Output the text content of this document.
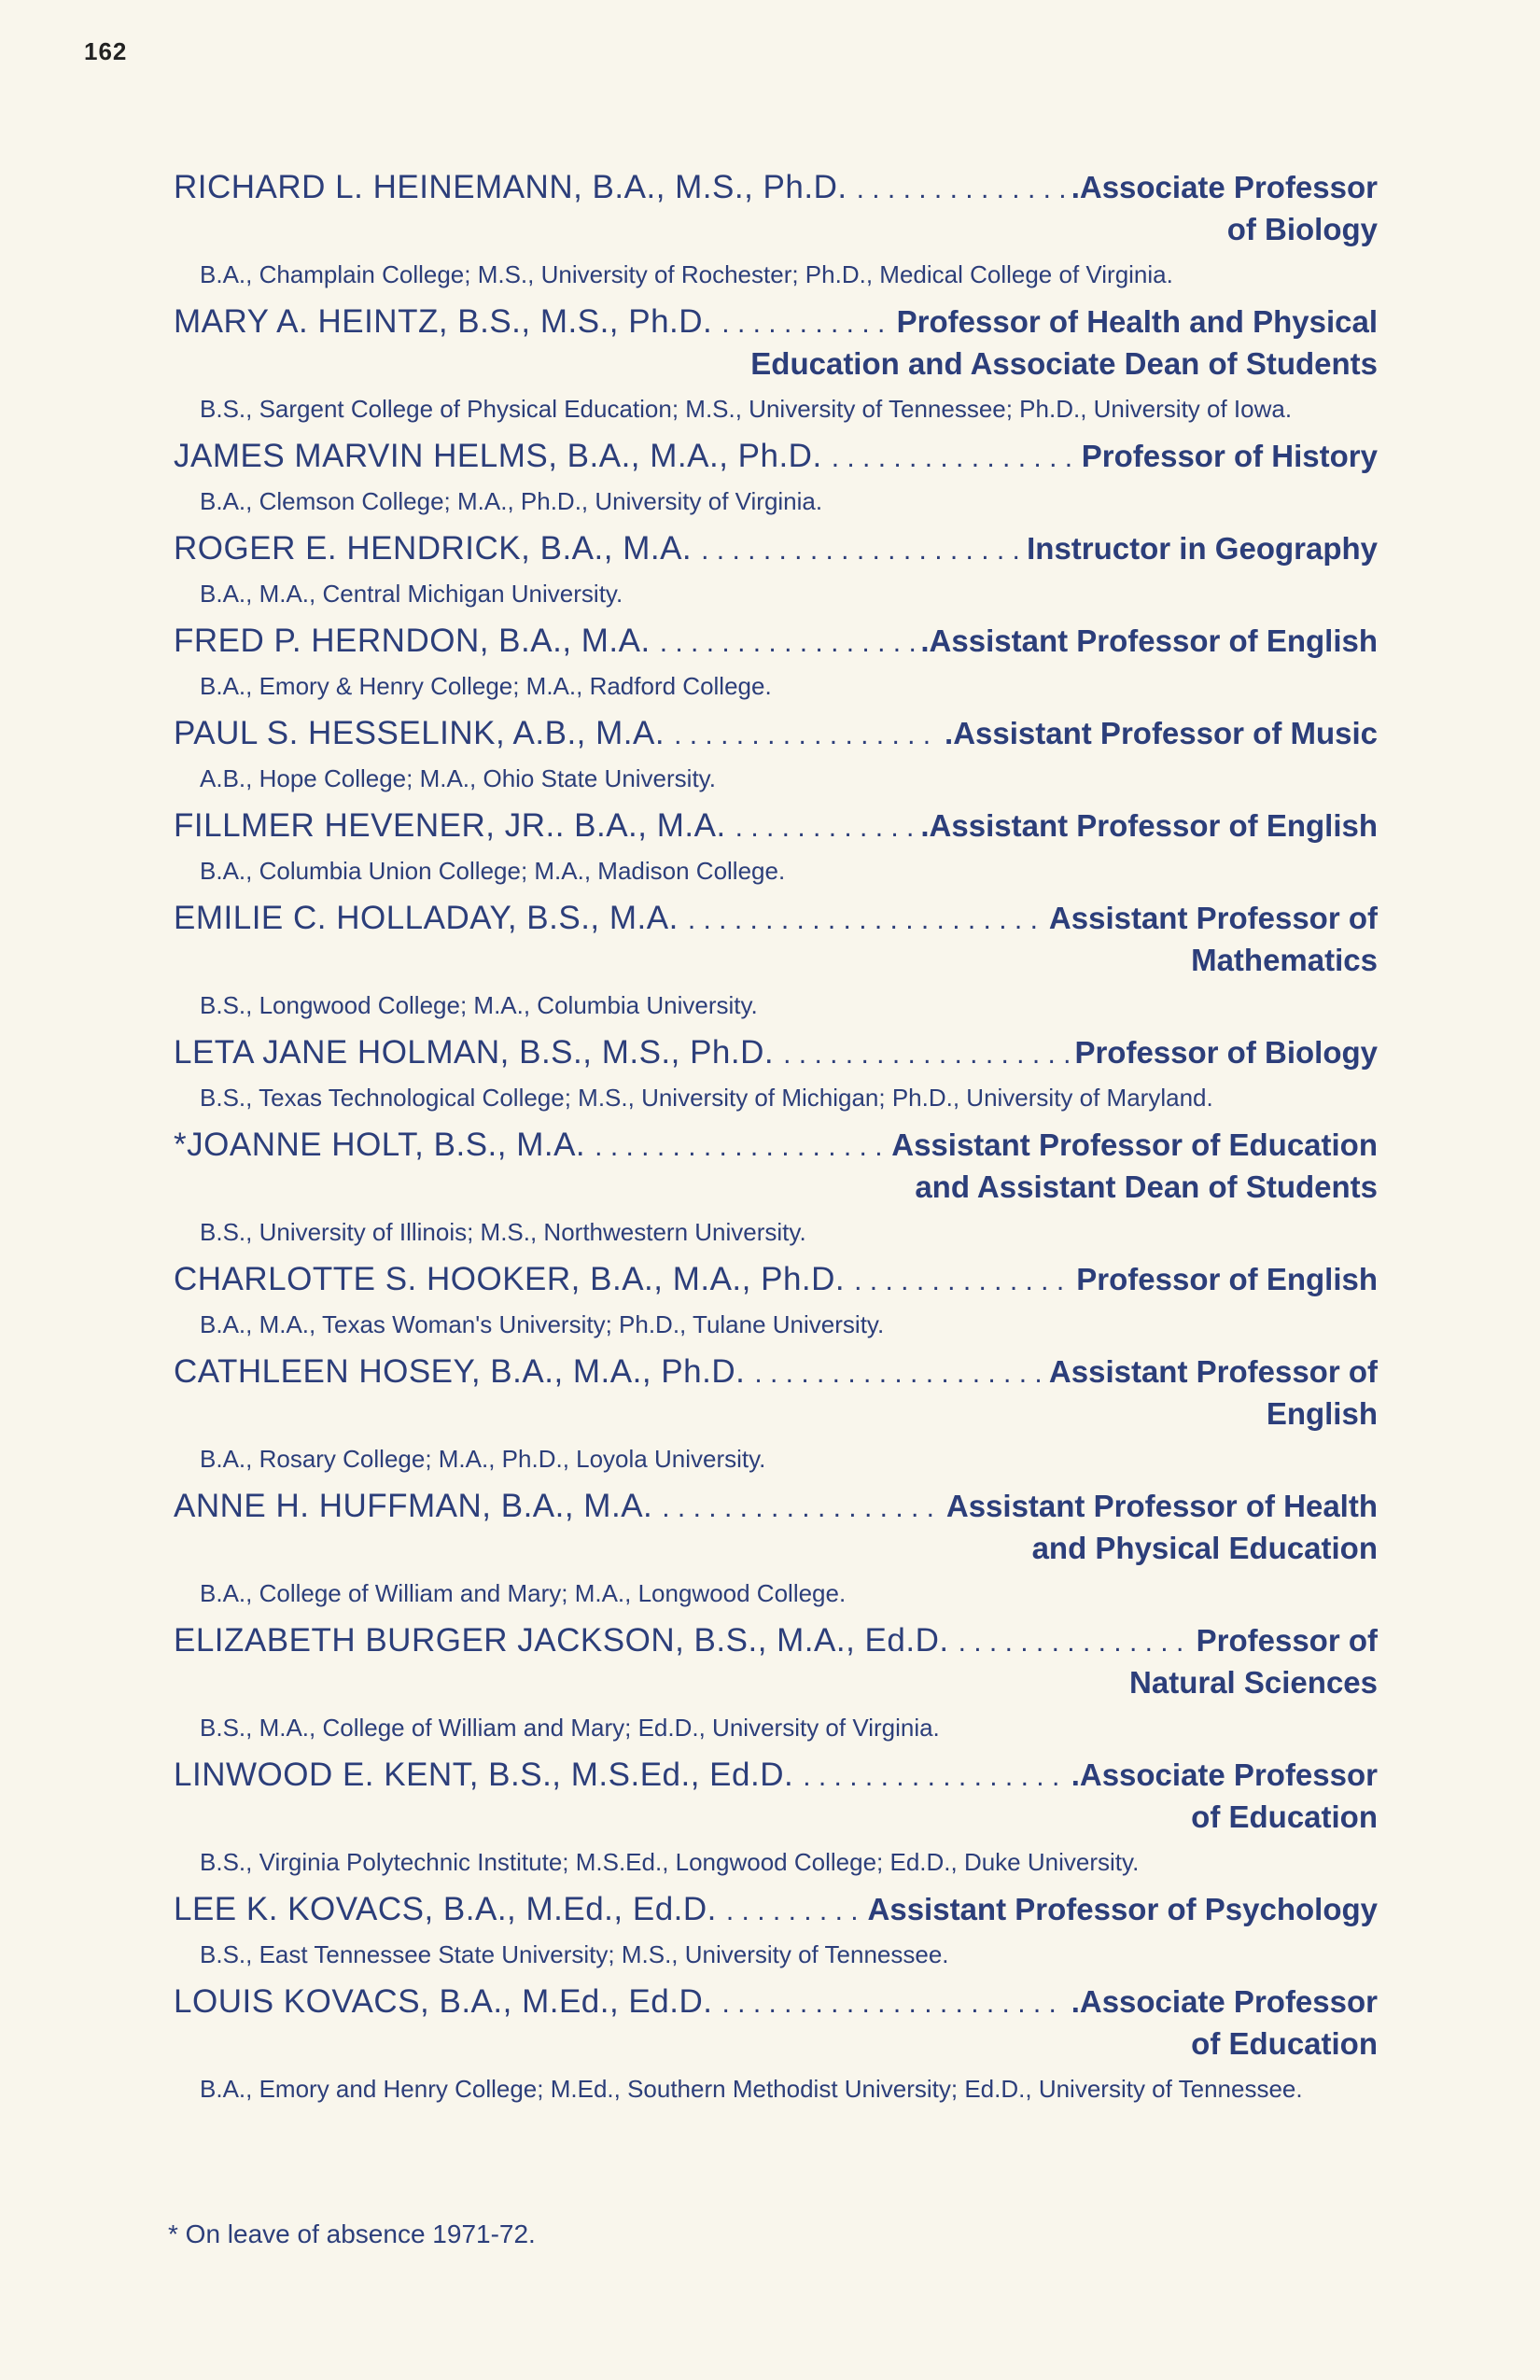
162
RICHARD L. HEINEMANN, B.A., M.S., Ph.D. . . .	.Associate Professor
of Biology
B.A., Champlain College; M.S., University of Rochester; Ph.D., Medical College of Virginia.
MARY A. HEINTZ, B.S., M.S., Ph.D. . . .	Professor of Health and Physical
Education and Associate Dean of Students
B.S., Sargent College of Physical Education; M.S., University of Tennessee; Ph.D., University of Iowa.
JAMES MARVIN HELMS, B.A., M.A., Ph.D. . . .	Professor of History
B.A., Clemson College; M.A., Ph.D., University of Virginia.
ROGER E. HENDRICK, B.A., M.A. . . .	Instructor in Geography
B.A., M.A., Central Michigan University.
FRED P. HERNDON, B.A., M.A. . . .	.Assistant Professor of English
B.A., Emory & Henry College; M.A., Radford College.
PAUL S. HESSELINK, A.B., M.A. . . .	.Assistant Professor of Music
A.B., Hope College; M.A., Ohio State University.
FILLMER HEVENER, JR.. B.A., M.A. . . .	.Assistant Professor of English
B.A., Columbia Union College; M.A., Madison College.
EMILIE C. HOLLADAY, B.S., M.A. . . .	Assistant Professor of
Mathematics
B.S., Longwood College; M.A., Columbia University.
LETA JANE HOLMAN, B.S., M.S., Ph.D. . . .	Professor of Biology
B.S., Texas Technological College; M.S., University of Michigan; Ph.D., University of Maryland.
*JOANNE HOLT, B.S., M.A. . . .	Assistant Professor of Education
and Assistant Dean of Students
B.S., University of Illinois; M.S., Northwestern University.
CHARLOTTE S. HOOKER, B.A., M.A., Ph.D. . . .	Professor of English
B.A., M.A., Texas Woman's University; Ph.D., Tulane University.
CATHLEEN HOSEY, B.A., M.A., Ph.D. . . .	Assistant Professor of
English
B.A., Rosary College; M.A., Ph.D., Loyola University.
ANNE H. HUFFMAN, B.A., M.A. . . .	Assistant Professor of Health
and Physical Education
B.A., College of William and Mary; M.A., Longwood College.
ELIZABETH BURGER JACKSON, B.S., M.A., Ed.D. . . .	Professor of
Natural Sciences
B.S., M.A., College of William and Mary; Ed.D., University of Virginia.
LINWOOD E. KENT, B.S., M.S.Ed., Ed.D. . . .	.Associate Professor
of Education
B.S., Virginia Polytechnic Institute; M.S.Ed., Longwood College; Ed.D., Duke University.
LEE K. KOVACS, B.A., M.Ed., Ed.D. . . .	Assistant Professor of Psychology
B.S., East Tennessee State University; M.S., University of Tennessee.
LOUIS KOVACS, B.A., M.Ed., Ed.D. . . .	.Associate Professor
of Education
B.A., Emory and Henry College; M.Ed., Southern Methodist University; Ed.D., University of Tennessee.
* On leave of absence 1971-72.
